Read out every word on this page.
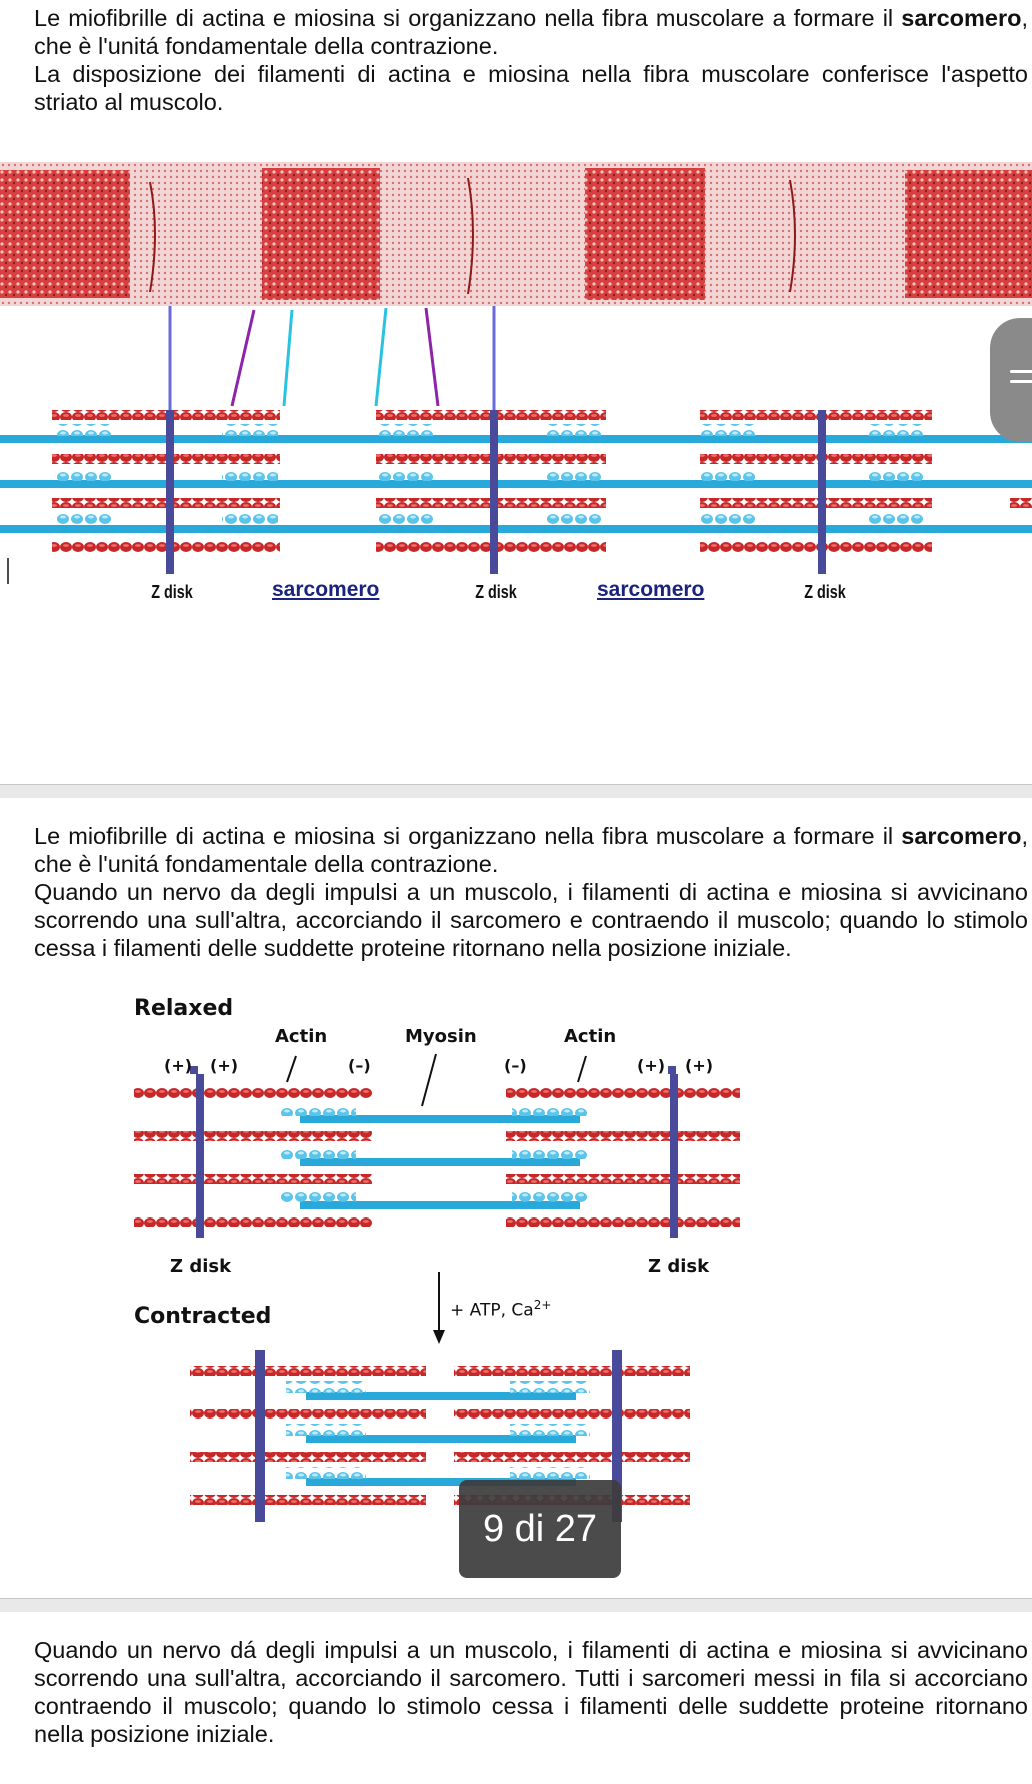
Le miofibrille di actina e miosina si organizzano nella fibra muscolare a formare il sarcomero, che è l'unitá fondamentale della contrazione.

La disposizione dei filamenti di actina e miosina nella fibra muscolare conferisce l'aspetto striato al muscolo.

Z disk	sarcomero	Z disk	sarcomero	Z disk

Le miofibrille di actina e miosina si organizzano nella fibra muscolare a formare il sarcomero, che è l'unitá fondamentale della contrazione.

Quando un nervo da degli impulsi a un muscolo, i filamenti di actina e miosina si avvicinano scorrendo una sull'altra, accorciando il sarcomero e contraendo il muscolo; quando lo stimolo cessa i filamenti delle suddette proteine ritornano nella posizione iniziale.

Relaxed
Actin	Myosin	Actin
(+) (+)	(–)	(–)	(+) (+)
Z disk	Z disk
Contracted	+ ATP, $Ca^{2+}$

Quando un nervo dá degli impulsi a un muscolo, i filamenti di actina e miosina si avvicinano scorrendo una sull'altra, accorciando il sarcomero. Tutti i sarcomeri messi in fila si accorciano contraendo il muscolo; quando lo stimolo cessa i filamenti delle suddette proteine ritornano nella posizione iniziale.

9 di 27
